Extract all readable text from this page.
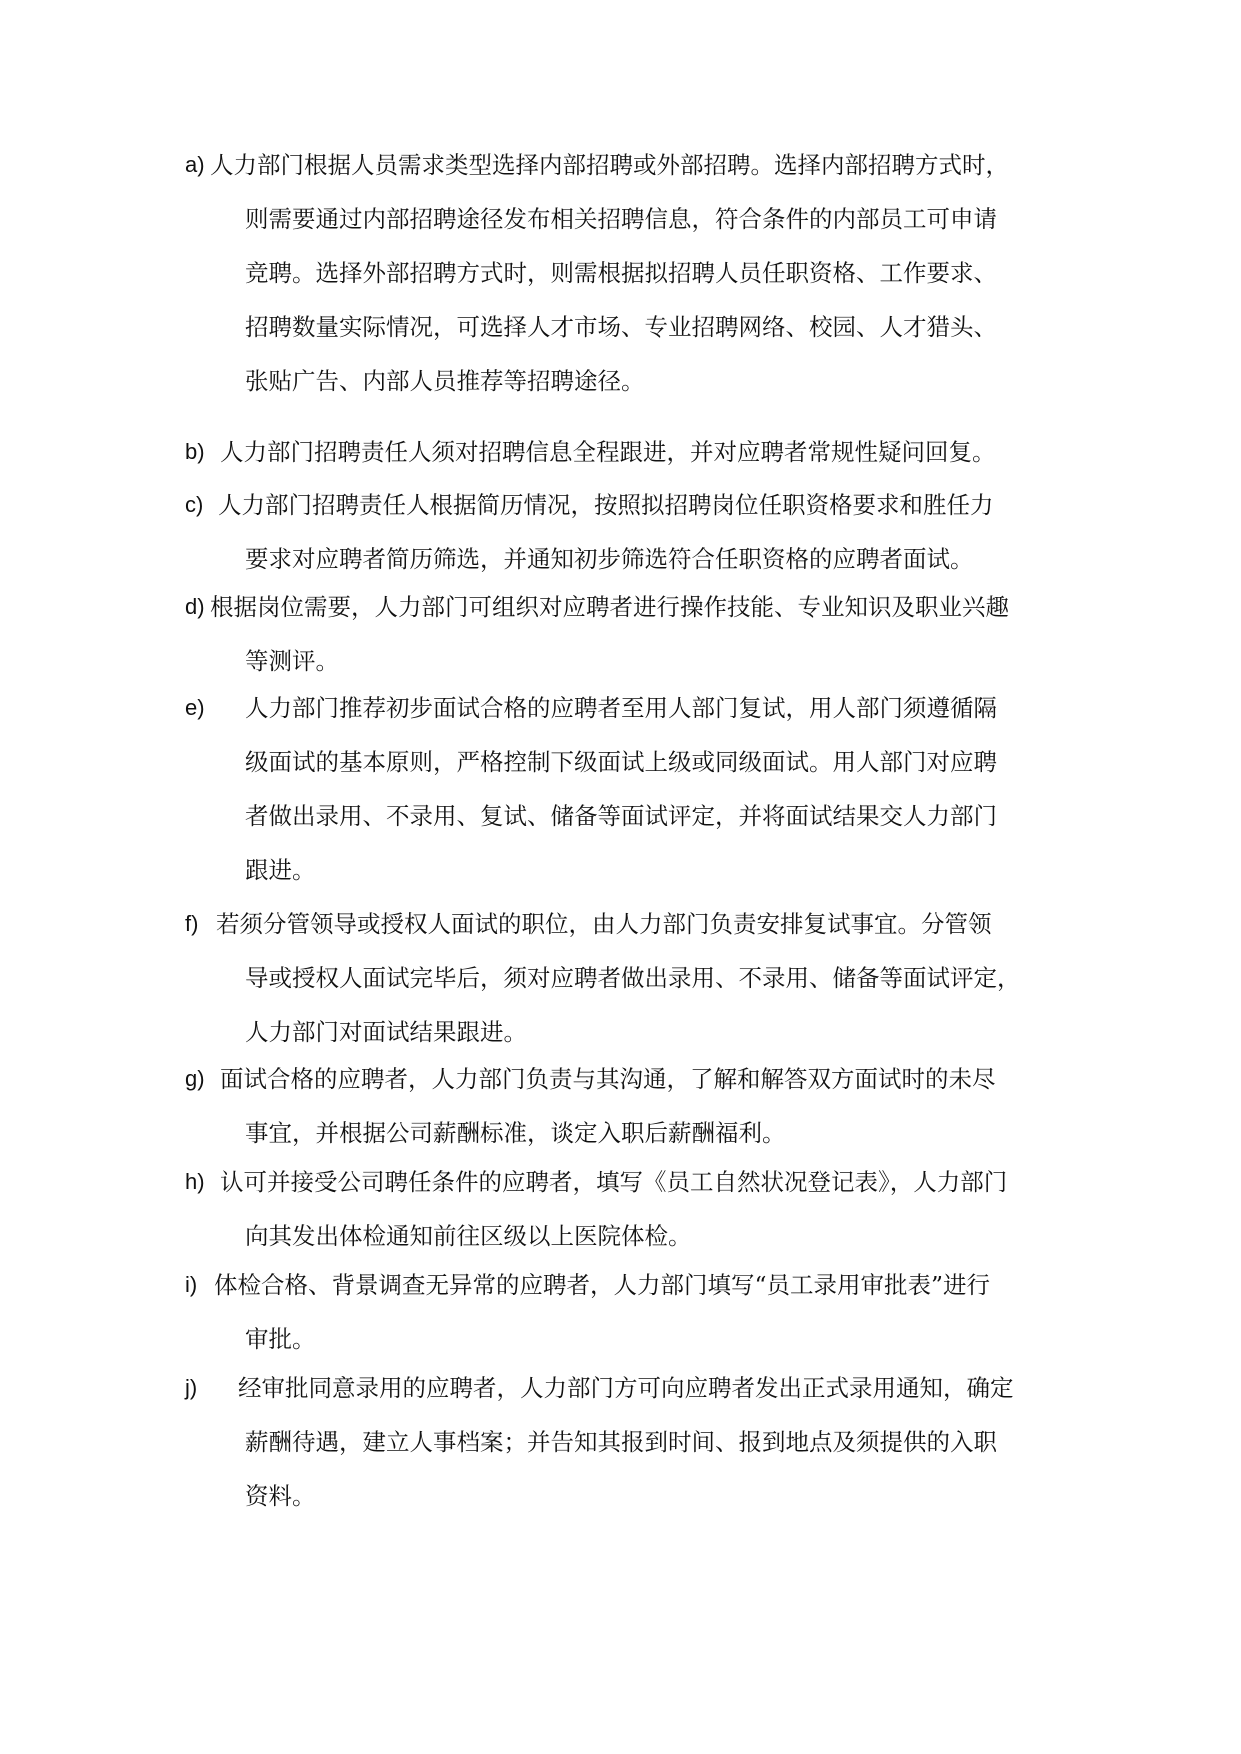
a) 人力部门根据人员需求类型选择内部招聘或外部招聘。选择内部招聘方式时，
则需要通过内部招聘途径发布相关招聘信息，符合条件的内部员工可申请
竞聘。选择外部招聘方式时，则需根据拟招聘人员任职资格、工作要求、
招聘数量实际情况，可选择人才市场、专业招聘网络、校园、人才猎头、
张贴广告、内部人员推荐等招聘途径。
b) 人力部门招聘责任人须对招聘信息全程跟进，并对应聘者常规性疑问回复。
c) 人力部门招聘责任人根据简历情况，按照拟招聘岗位任职资格要求和胜任力
要求对应聘者简历筛选，并通知初步筛选符合任职资格的应聘者面试。
d) 根据岗位需要，人力部门可组织对应聘者进行操作技能、专业知识及职业兴趣
等测评。
e) 人力部门推荐初步面试合格的应聘者至用人部门复试，用人部门须遵循隔
级面试的基本原则，严格控制下级面试上级或同级面试。用人部门对应聘
者做出录用、不录用、复试、储备等面试评定，并将面试结果交人力部门
跟进。
f) 若须分管领导或授权人面试的职位，由人力部门负责安排复试事宜。分管领
导或授权人面试完毕后，须对应聘者做出录用、不录用、储备等面试评定，
人力部门对面试结果跟进。
g) 面试合格的应聘者，人力部门负责与其沟通，了解和解答双方面试时的未尽
事宜，并根据公司薪酬标准，谈定入职后薪酬福利。
h) 认可并接受公司聘任条件的应聘者，填写《员工自然状况登记表》，人力部门
向其发出体检通知前往区级以上医院体检。
i) 体检合格、背景调查无异常的应聘者，人力部门填写“员工录用审批表”进行
审批。
j) 经审批同意录用的应聘者，人力部门方可向应聘者发出正式录用通知，确定
薪酬待遇，建立人事档案；并告知其报到时间、报到地点及须提供的入职
资料。
